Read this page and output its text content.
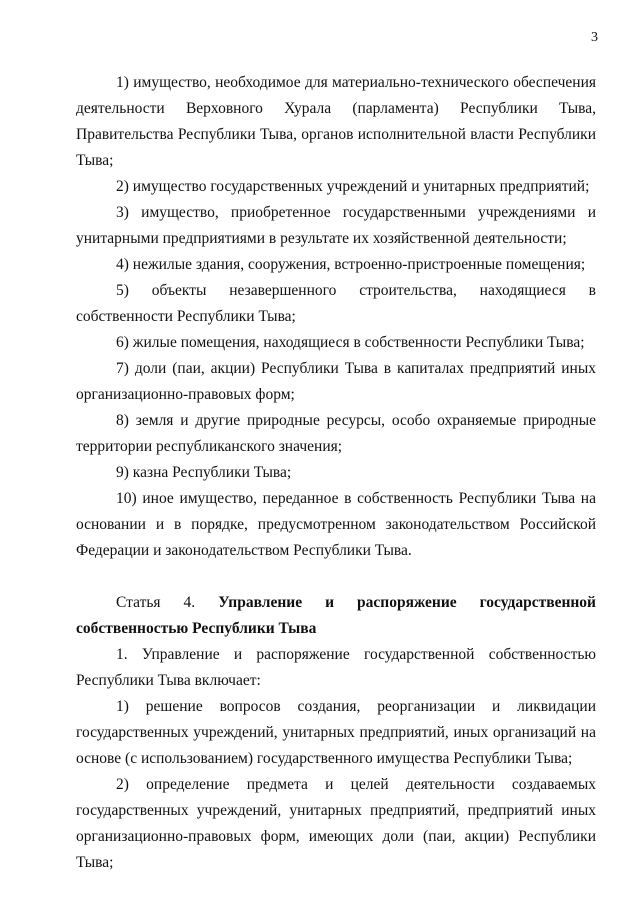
3

1) имущество, необходимое для материально-технического обеспечения деятельности Верховного Хурала (парламента) Республики Тыва, Правительства Республики Тыва, органов исполнительной власти Республики Тыва;

2) имущество государственных учреждений и унитарных предприятий;

3) имущество, приобретенное государственными учреждениями и унитарными предприятиями в результате их хозяйственной деятельности;

4) нежилые здания, сооружения, встроенно-пристроенные помещения;

5) объекты незавершенного строительства, находящиеся в собственности Республики Тыва;

6) жилые помещения, находящиеся в собственности Республики Тыва;

7) доли (паи, акции) Республики Тыва в капиталах предприятий иных организационно-правовых форм;

8) земля и другие природные ресурсы, особо охраняемые природные территории республиканского значения;

9) казна Республики Тыва;

10) иное имущество, переданное в собственность Республики Тыва на основании и в порядке, предусмотренном законодательством Российской Федерации и законодательством Республики Тыва.

Статья 4. Управление и распоряжение государственной собственностью Республики Тыва

1. Управление и распоряжение государственной собственностью Республики Тыва включает:

1) решение вопросов создания, реорганизации и ликвидации государственных учреждений, унитарных предприятий, иных организаций на основе (с использованием) государственного имущества Республики Тыва;

2) определение предмета и целей деятельности создаваемых государственных учреждений, унитарных предприятий, предприятий иных организационно-правовых форм, имеющих доли (паи, акции) Республики Тыва;
